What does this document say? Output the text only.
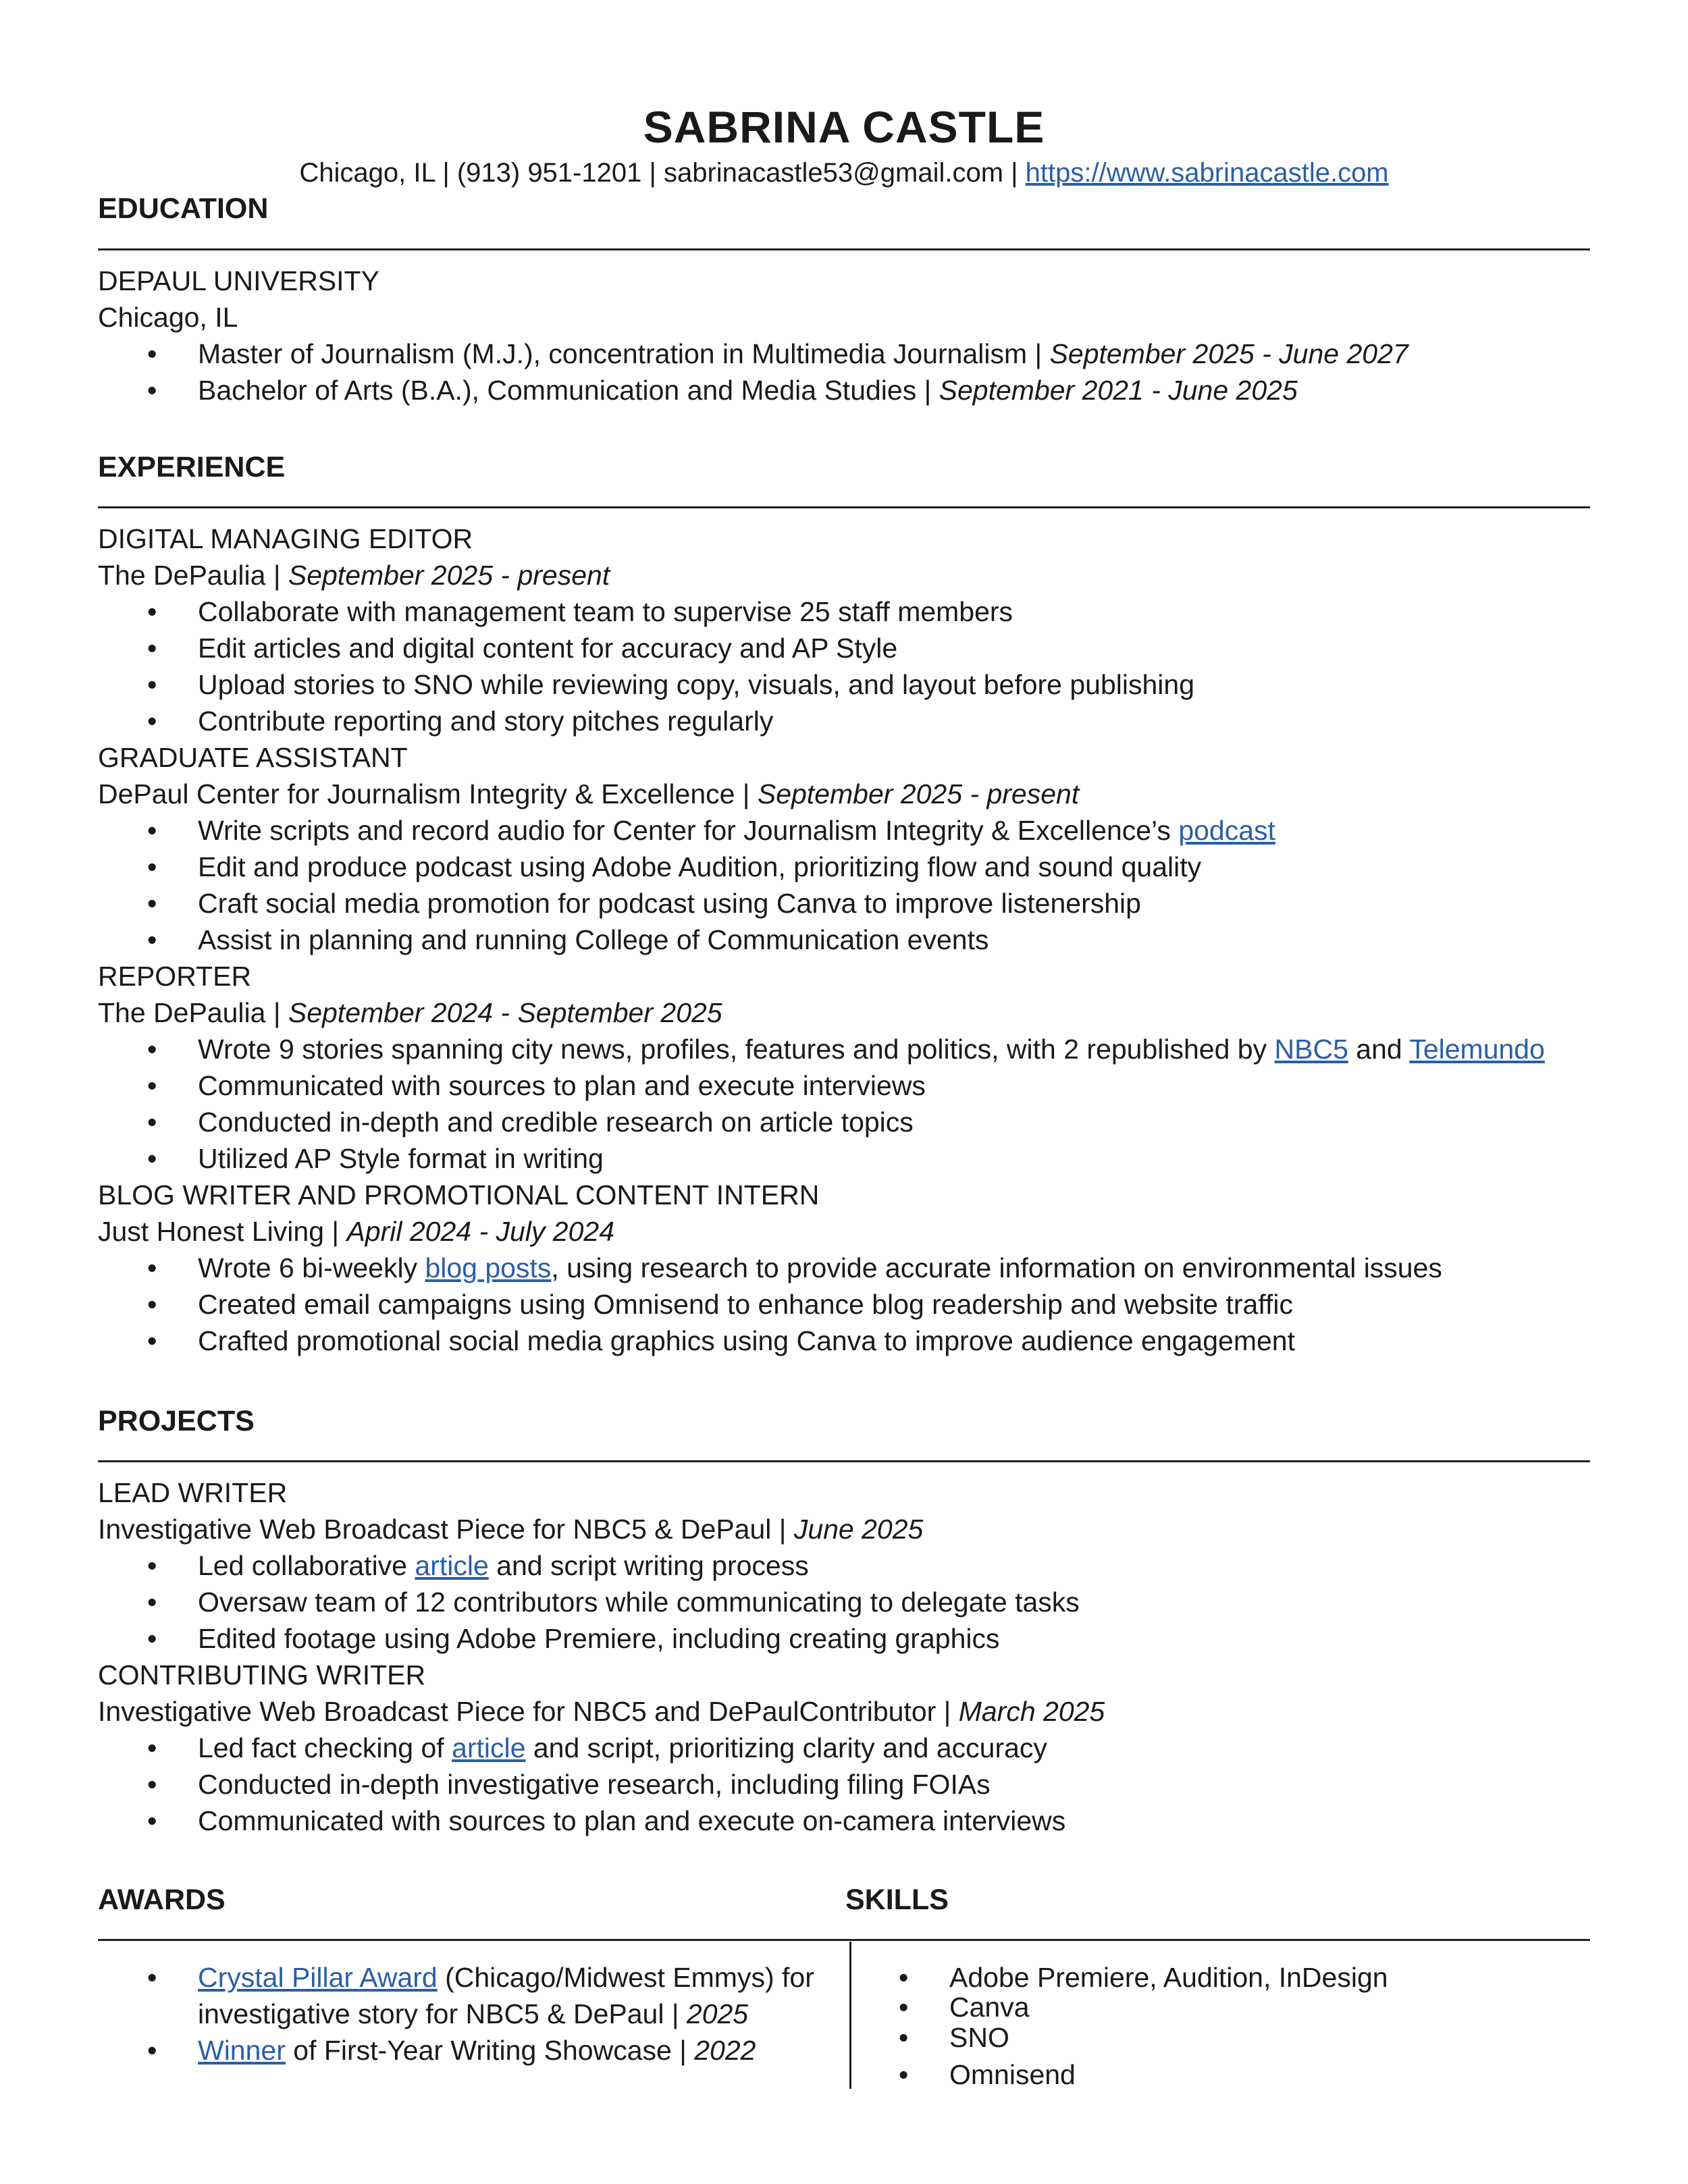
SABRINA CASTLE
Chicago, IL | (913) 951-1201 | sabrinacastle53@gmail.com | https://www.sabrinacastle.com
EDUCATION
DEPAUL UNIVERSITY
Chicago, IL
• Master of Journalism (M.J.), concentration in Multimedia Journalism | September 2025 - June 2027
• Bachelor of Arts (B.A.), Communication and Media Studies | September 2021 - June 2025
EXPERIENCE
DIGITAL MANAGING EDITOR
The DePaulia | September 2025 - present
• Collaborate with management team to supervise 25 staff members
• Edit articles and digital content for accuracy and AP Style
• Upload stories to SNO while reviewing copy, visuals, and layout before publishing
• Contribute reporting and story pitches regularly
GRADUATE ASSISTANT
DePaul Center for Journalism Integrity & Excellence | September 2025 - present
• Write scripts and record audio for Center for Journalism Integrity & Excellence’s podcast
• Edit and produce podcast using Adobe Audition, prioritizing flow and sound quality
• Craft social media promotion for podcast using Canva to improve listenership
• Assist in planning and running College of Communication events
REPORTER
The DePaulia | September 2024 - September 2025
• Wrote 9 stories spanning city news, profiles, features and politics, with 2 republished by NBC5 and Telemundo
• Communicated with sources to plan and execute interviews
• Conducted in-depth and credible research on article topics
• Utilized AP Style format in writing
BLOG WRITER AND PROMOTIONAL CONTENT INTERN
Just Honest Living | April 2024 - July 2024
• Wrote 6 bi-weekly blog posts, using research to provide accurate information on environmental issues
• Created email campaigns using Omnisend to enhance blog readership and website traffic
• Crafted promotional social media graphics using Canva to improve audience engagement
PROJECTS
LEAD WRITER
Investigative Web Broadcast Piece for NBC5 & DePaul | June 2025
• Led collaborative article and script writing process
• Oversaw team of 12 contributors while communicating to delegate tasks
• Edited footage using Adobe Premiere, including creating graphics
CONTRIBUTING WRITER
Investigative Web Broadcast Piece for NBC5 and DePaulContributor | March 2025
• Led fact checking of article and script, prioritizing clarity and accuracy
• Conducted in-depth investigative research, including filing FOIAs
• Communicated with sources to plan and execute on-camera interviews
AWARDS	SKILLS
• Crystal Pillar Award (Chicago/Midwest Emmys) for
investigative story for NBC5 & DePaul | 2025
• Winner of First-Year Writing Showcase | 2022
• Adobe Premiere, Audition, InDesign
• Canva
• SNO
• Omnisend
